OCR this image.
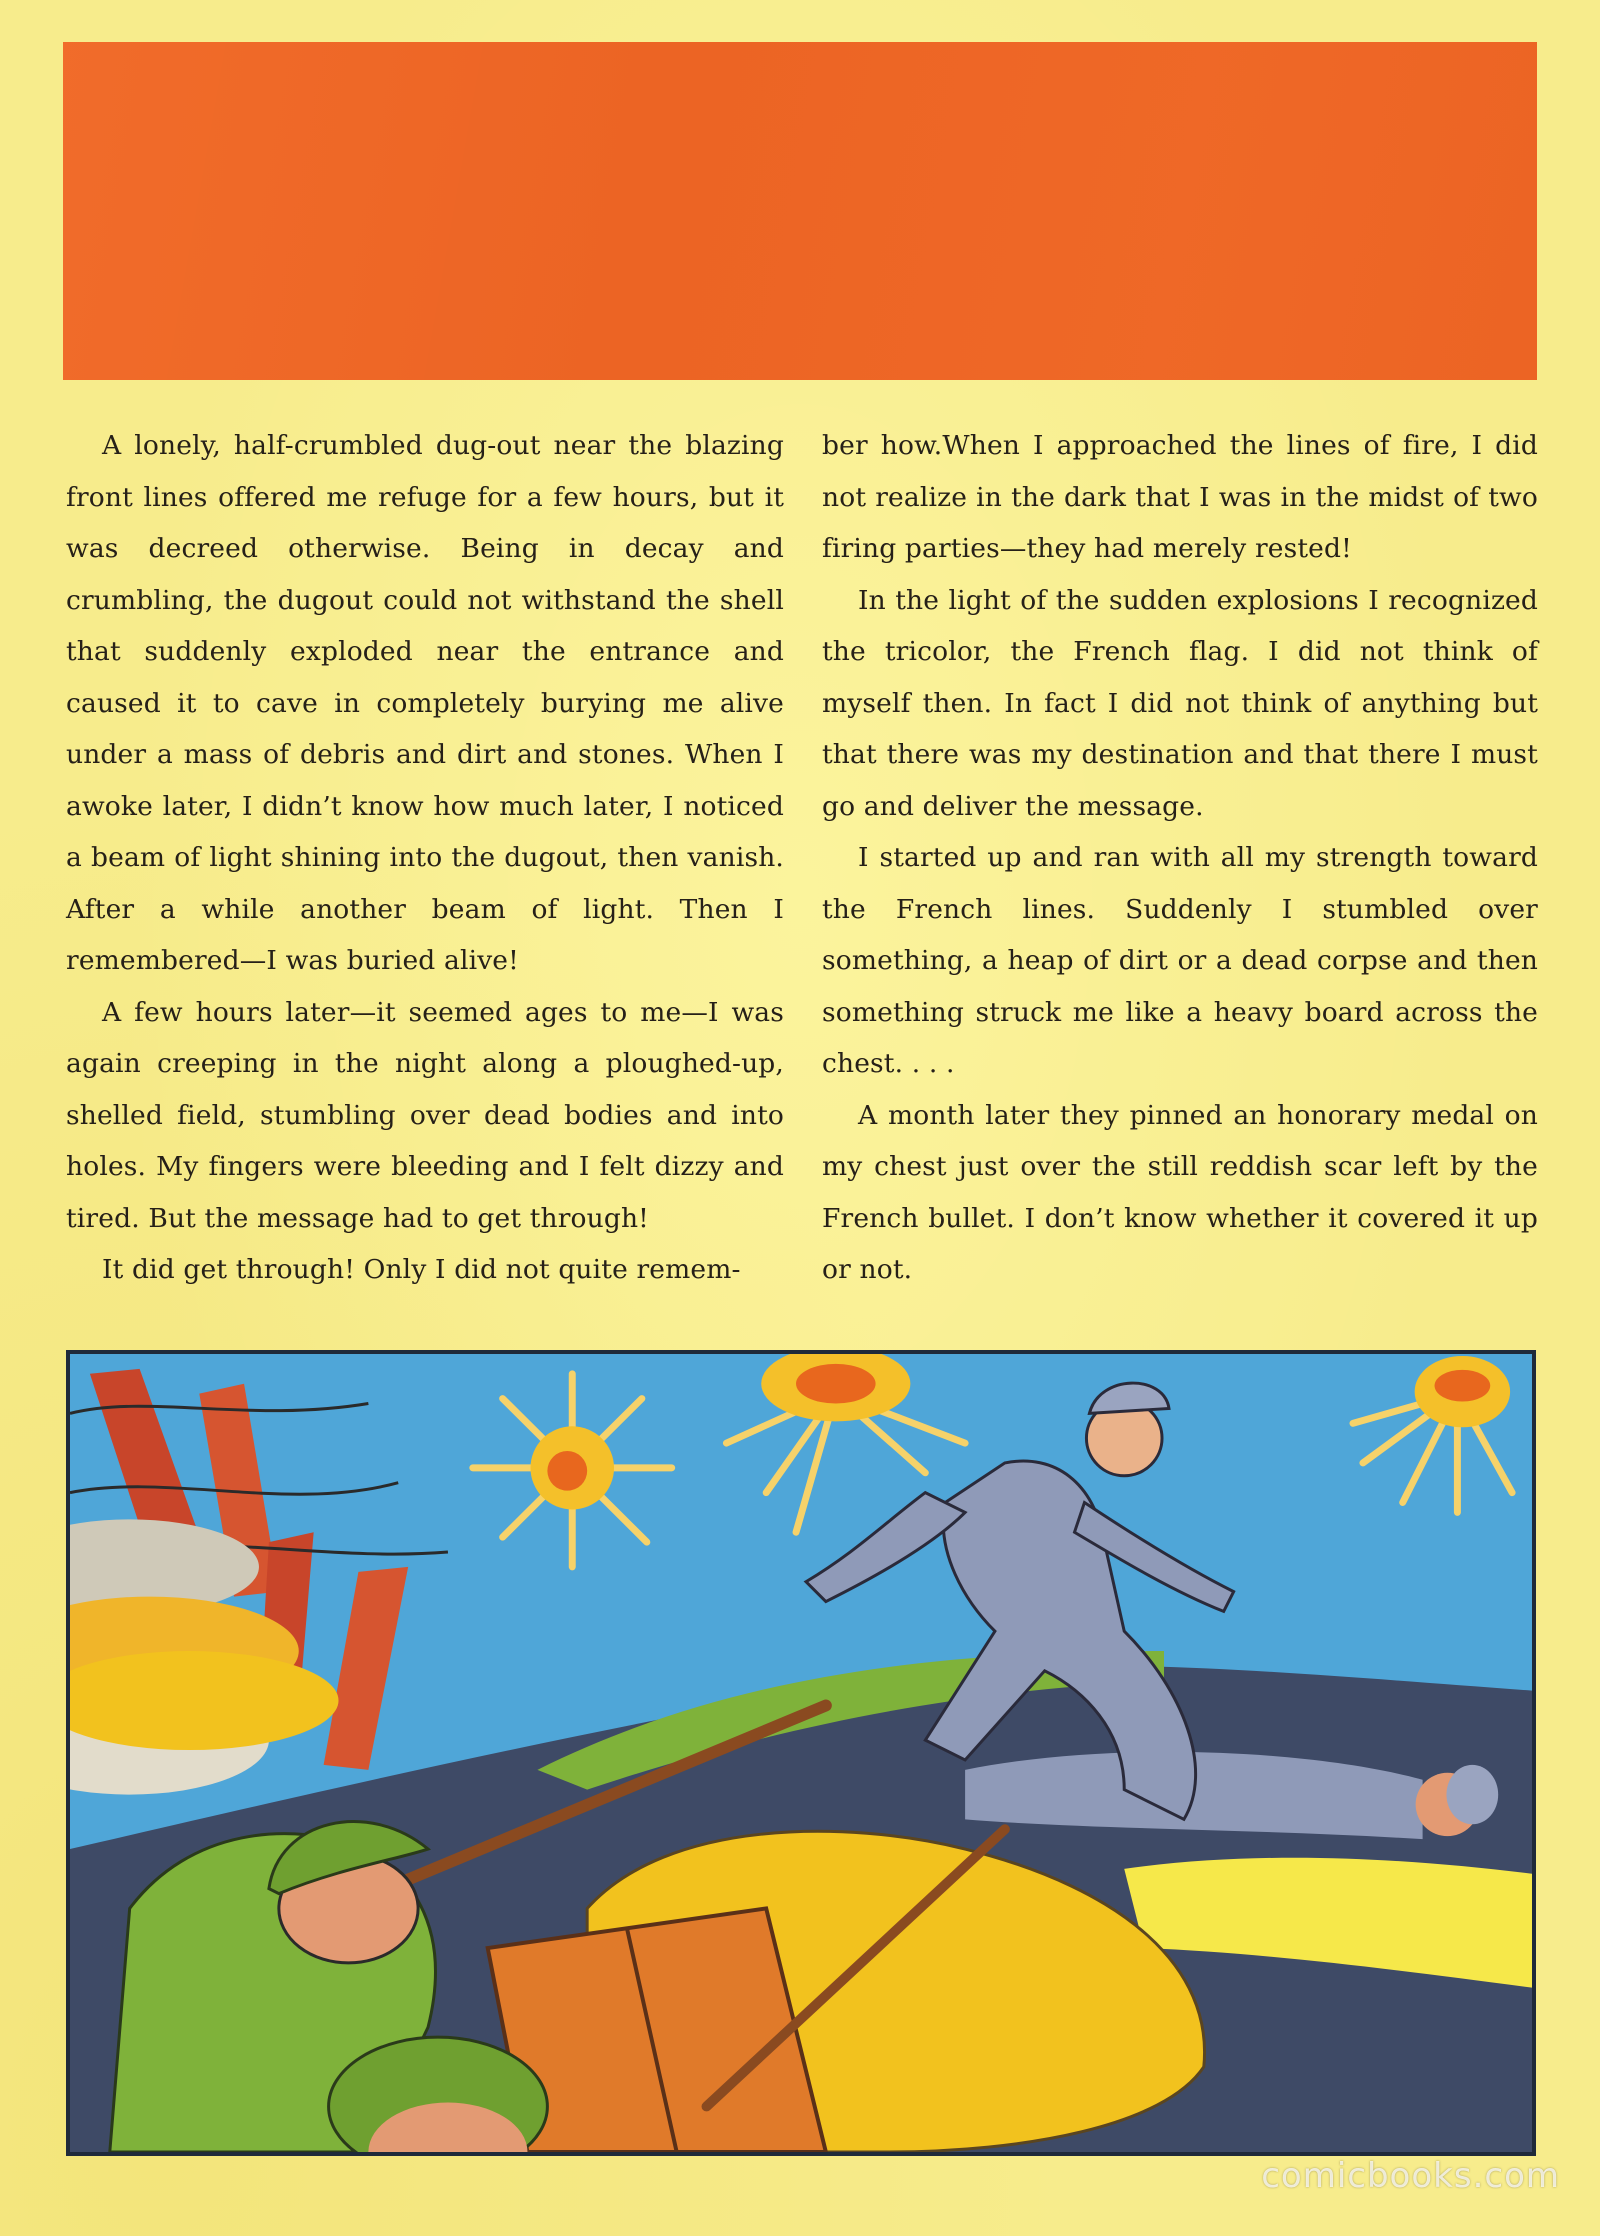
A lonely, half-crumbled dug-out near the blazing front lines offered me refuge for a few hours, but it was decreed otherwise. Being in decay and crumbling, the dugout could not withstand the shell that suddenly exploded near the entrance and caused it to cave in completely burying me alive under a mass of debris and dirt and stones. When I awoke later, I didn’t know how much later, I noticed a beam of light shining into the dugout, then vanish. After a while another beam of light. Then I remembered—I was buried alive!

A few hours later—it seemed ages to me—I was again creeping in the night along a ploughed-up, shelled field, stumbling over dead bodies and into holes. My fingers were bleeding and I felt dizzy and tired. But the message had to get through!

It did get through! Only I did not quite remem-

ber how.When I approached the lines of fire, I did not realize in the dark that I was in the midst of two firing parties—they had merely rested!

In the light of the sudden explosions I recognized the tricolor, the French flag. I did not think of myself then. In fact I did not think of anything but that there was my destination and that there I must go and deliver the message.

I started up and ran with all my strength toward the French lines. Suddenly I stumbled over something, a heap of dirt or a dead corpse and then something struck me like a heavy board across the chest. . . .

A month later they pinned an honorary medal on my chest just over the still reddish scar left by the French bullet. I don’t know whether it covered it up or not.

comicbooks.com
